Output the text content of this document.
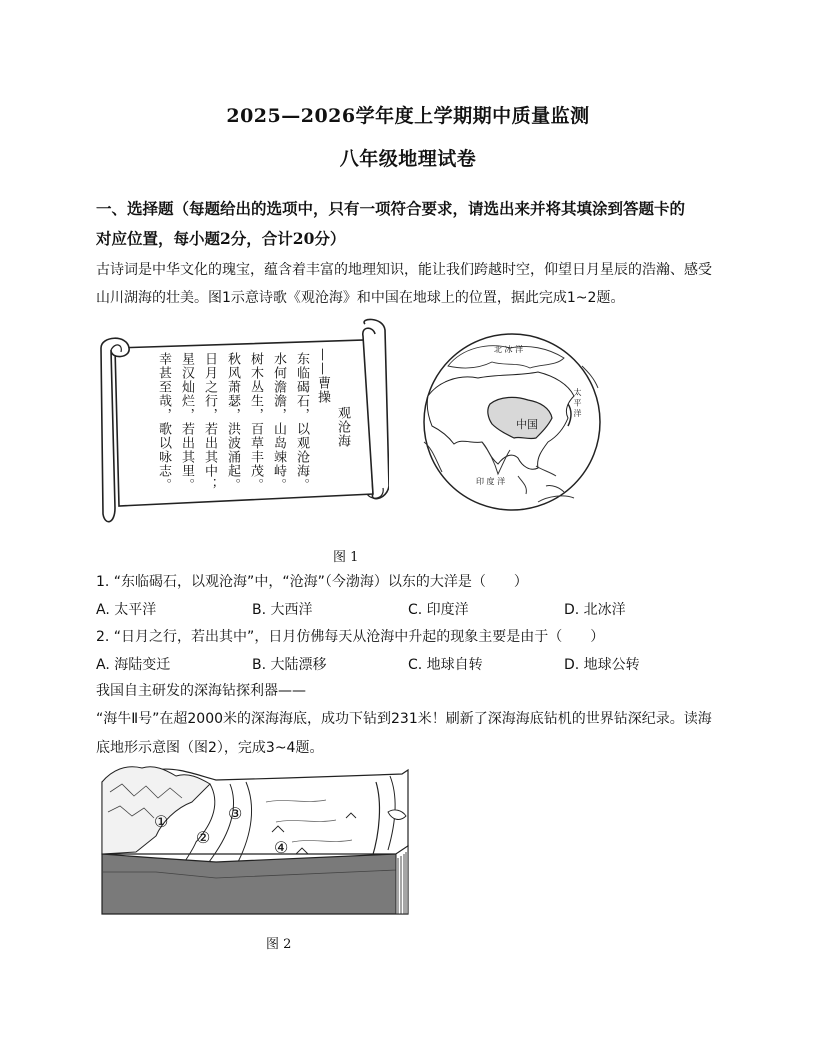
2025—2026学年度上学期期中质量监测
八年级地理试卷
一、选择题（每题给出的选项中，只有一项符合要求，请选出来并将其填涂到答题卡的
对应位置，每小题2分，合计20分）
古诗词是中华文化的瑰宝，蕴含着丰富的地理知识，能让我们跨越时空，仰望日月星辰的浩瀚、感受
山川湖海的壮美。图1示意诗歌《观沧海》和中国在地球上的位置，据此完成1~2题。
观沧海
——曹操
东临碣石，以观沧海。
水何澹澹，山岛竦峙。
树木丛生，百草丰茂。
秋风萧瑟，洪波涌起。
日月之行，若出其中；
星汉灿烂，若出其里。
幸甚至哉，歌以咏志。
北 冰 洋
太 平 洋
印 度 洋
中国
图 1
1. “东临碣石，以观沧海”中，“沧海”（今渤海）以东的大洋是（　　）
A. 太平洋	B. 大西洋	C. 印度洋	D. 北冰洋
2. “日月之行，若出其中”，日月仿佛每天从沧海中升起的现象主要是由于（　　）
A. 海陆变迁	B. 大陆漂移	C. 地球自转	D. 地球公转
我国自主研发的深海钻探利器——
“海牛Ⅱ号”在超2000米的深海海底，成功下钻到231米！刷新了深海海底钻机的世界钻深纪录。读海
底地形示意图（图2），完成3~4题。
①
②
③
④
图 2
